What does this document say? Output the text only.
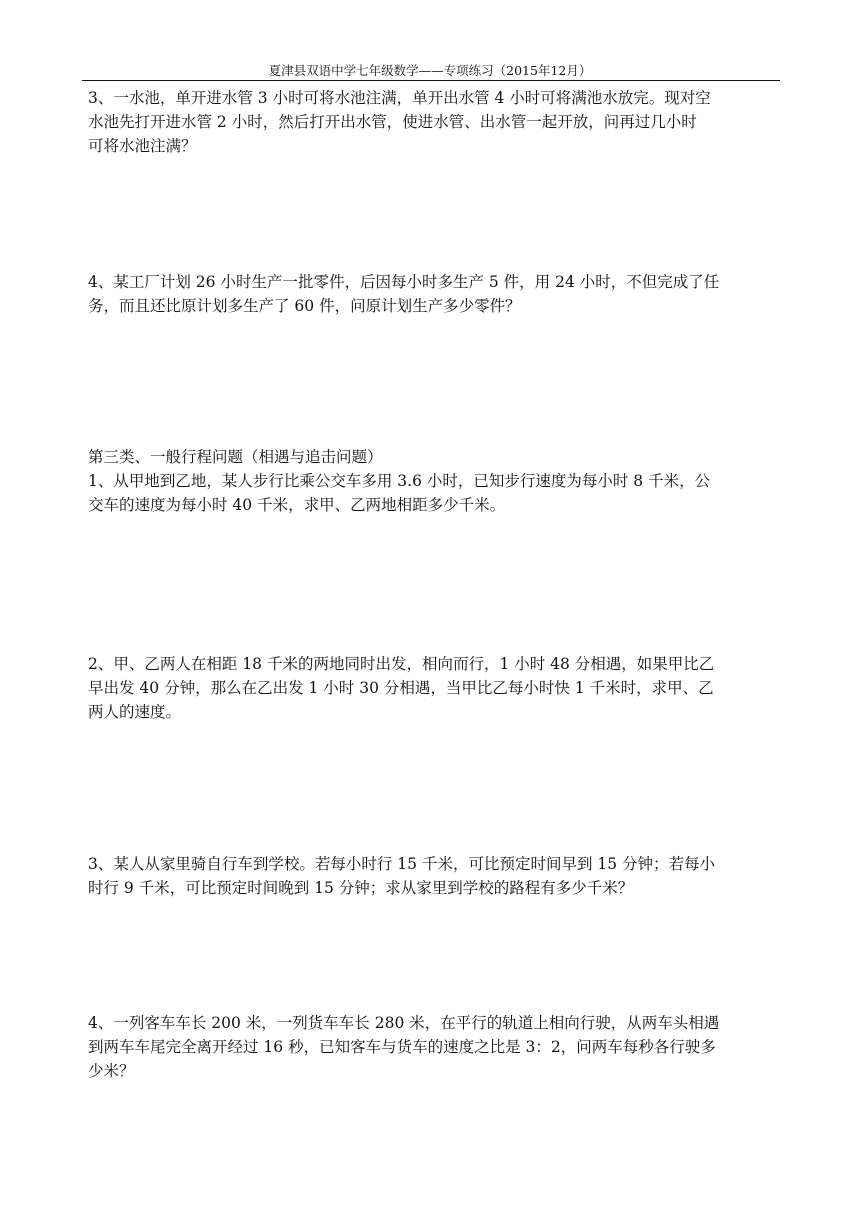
夏津县双语中学七年级数学——专项练习（2015年12月）
3、一水池，单开进水管 3 小时可将水池注满，单开出水管 4 小时可将满池水放完。现对空
水池先打开进水管 2 小时，然后打开出水管，使进水管、出水管一起开放，问再过几小时
可将水池注满？
4、某工厂计划 26 小时生产一批零件，后因每小时多生产 5 件，用 24 小时，不但完成了任
务，而且还比原计划多生产了 60 件，问原计划生产多少零件？
第三类、一般行程问题（相遇与追击问题）
1、从甲地到乙地，某人步行比乘公交车多用 3.6 小时，已知步行速度为每小时 8 千米，公
交车的速度为每小时 40 千米，求甲、乙两地相距多少千米。
2、甲、乙两人在相距 18 千米的两地同时出发，相向而行，1 小时 48 分相遇，如果甲比乙
早出发 40 分钟，那么在乙出发 1 小时 30 分相遇，当甲比乙每小时快 1 千米时，求甲、乙
两人的速度。
3、某人从家里骑自行车到学校。若每小时行 15 千米，可比预定时间早到 15 分钟；若每小
时行 9 千米，可比预定时间晚到 15 分钟；求从家里到学校的路程有多少千米？
4、一列客车车长 200 米，一列货车车长 280 米，在平行的轨道上相向行驶，从两车头相遇
到两车车尾完全离开经过 16 秒，已知客车与货车的速度之比是 3：2，问两车每秒各行驶多
少米？
